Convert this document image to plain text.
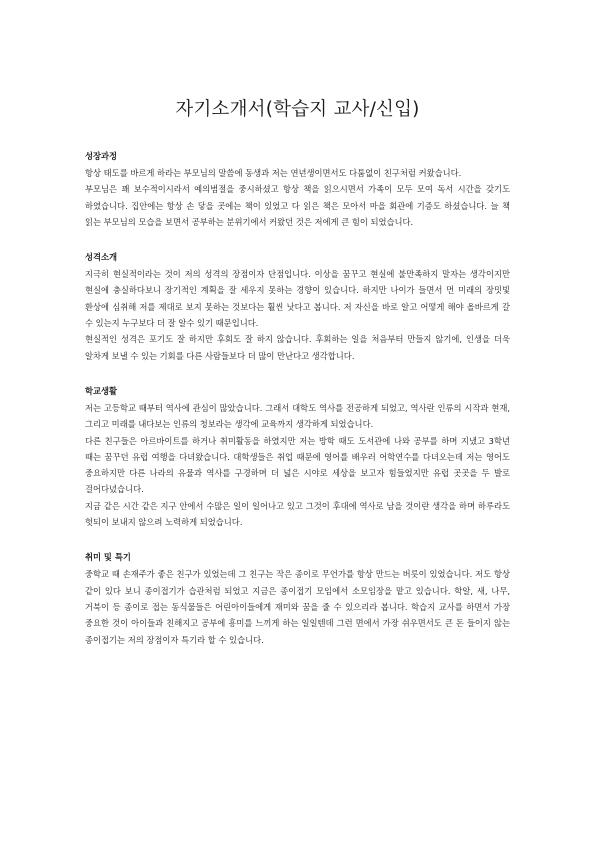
자기소개서(학습지 교사/신입)
성장과정

항상 태도를 바르게 하라는 부모님의 말씀에 동생과 저는 연년생이면서도 다툼없이 친구처럼 커왔습니다.

부모님은 꽤 보수적이시라서 예의범절을 중시하셨고 항상 책을 읽으시면서 가족이 모두 모여 독서 시간을 갖기도 하였습니다. 집안에는 항상 손 닿을 곳에는 책이 있었고 다 읽은 책은 모아서 마을 회관에 기증도 하셨습니다. 늘 책 읽는 부모님의 모습을 보면서 공부하는 분위기에서 커왔던 것은 저에게 큰 힘이 되었습니다.

성격소개

지극히 현실적이라는 것이 저의 성격의 장점이자 단점입니다. 이상을 꿈꾸고 현실에 불만족하지 말자는 생각이지만 현실에 충실하다보니 장기적인 계획을 잘 세우지 못하는 경향이 있습니다. 하지만 나이가 들면서 먼 미래의 장밋빛 환상에 심취해 저를 제대로 보지 못하는 것보다는 훨씬 낫다고 봅니다. 저 자신을 바로 알고 어떻게 해야 올바르게 갈 수 있는지 누구보다 더 잘 알수 있기 때문입니다.

현실적인 성격은 포기도 잘 하지만 후회도 잘 하지 않습니다. 후회하는 일을 처음부터 만들지 않기에, 인생을 더욱 알차게 보낼 수 있는 기회를 다른 사람들보다 더 많이 만난다고 생각합니다.

학교생활

저는 고등학교 때부터 역사에 관심이 많았습니다. 그래서 대학도 역사를 전공하게 되었고, 역사란 인류의 시작과 현재, 그리고 미래를 내다보는 인류의 청보라는 생각에 교육까지 생각하게 되었습니다.

다른 친구들은 아르바이트를 하거나 취미활동을 하였지만 저는 방학 때도 도서관에 나와 공부를 하며 지냈고 3학년 때는 꿈꾸던 유럽 여행을 다녀왔습니다. 대학생들은 취업 때문에 영어를 배우러 어학연수를 다녀오는데 저는 영어도 중요하지만 다른 나라의 유물과 역사를 구경하며 더 넓은 시야로 세상을 보고자 힘들었지만 유럽 곳곳을 두 발로 걸어다녔습니다.

지금 같은 시간 같은 지구 안에서 수많은 일이 일어나고 있고 그것이 후대에 역사로 남을 것이란 생각을 하며 하루라도 헛되이 보내지 않으려 노력하게 되었습니다.

취미 및 특기

중학교 때 손재주가 좋은 친구가 있었는데 그 친구는 작은 종이로 무언가를 항상 만드는 버릇이 있었습니다. 저도 항상 같이 있다 보니 종이접기가 습관처럼 되었고 지금은 종이접기 모임에서 소모임장을 맡고 있습니다. 학알, 새, 나무, 거북이 등 종이로 접는 동식물들은 어린아이들에게 재미와 꿈을 줄 수 있으리라 봅니다. 학습지 교사를 하면서 가장 중요한 것이 아이들과 친해지고 공부에 흥미를 느끼게 하는 일일텐데 그런 면에서 가장 쉬우면서도 큰 돈 들이지 않는 종이접기는 저의 장점이자 특기라 할 수 있습니다.
